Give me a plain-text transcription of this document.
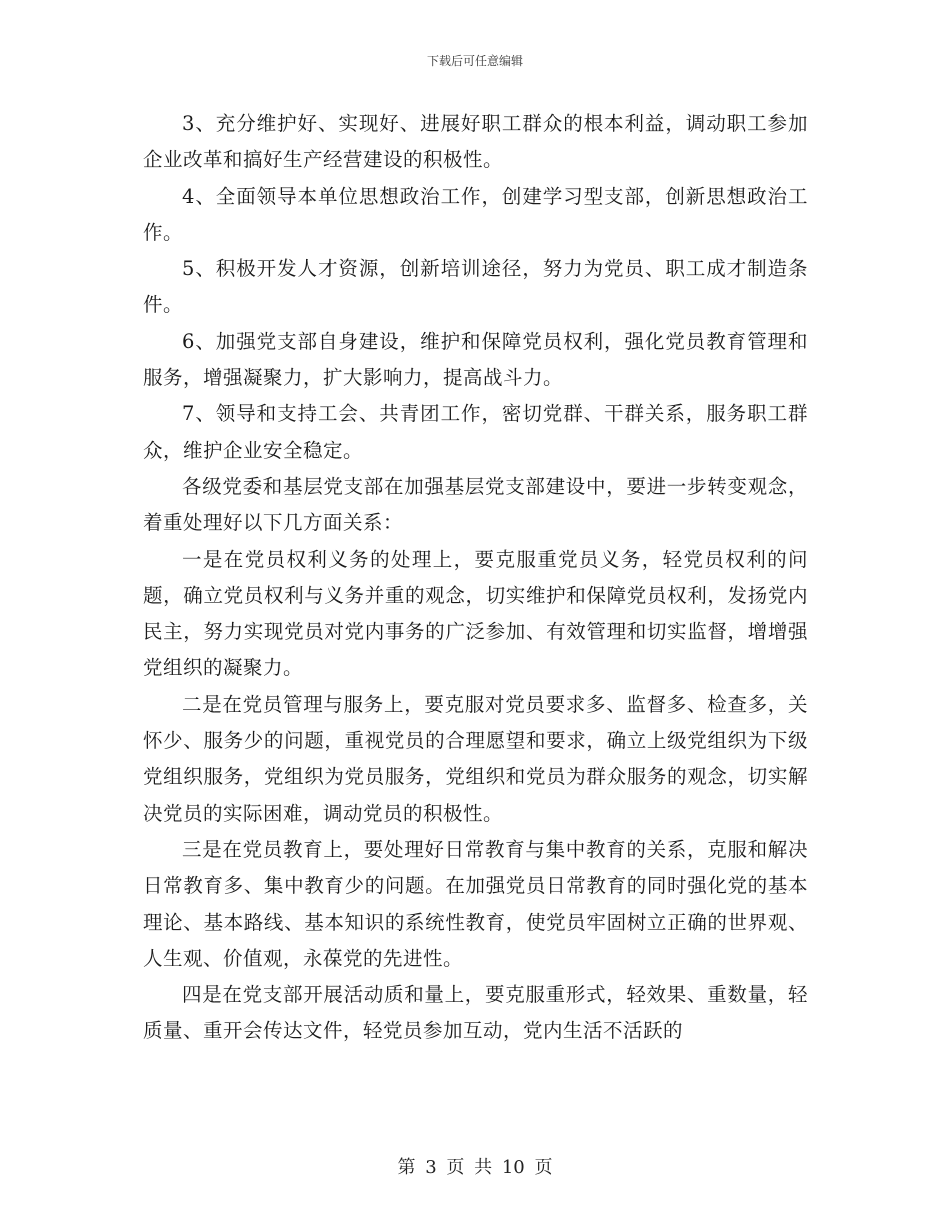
下载后可任意编辑

3、充分维护好、实现好、进展好职工群众的根本利益，调动职工参加企业改革和搞好生产经营建设的积极性。

4、全面领导本单位思想政治工作，创建学习型支部，创新思想政治工作。

5、积极开发人才资源，创新培训途径，努力为党员、职工成才制造条件。

6、加强党支部自身建设，维护和保障党员权利，强化党员教育管理和服务，增强凝聚力，扩大影响力，提高战斗力。

7、领导和支持工会、共青团工作，密切党群、干群关系，服务职工群众，维护企业安全稳定。

各级党委和基层党支部在加强基层党支部建设中，要进一步转变观念，着重处理好以下几方面关系：

一是在党员权利义务的处理上，要克服重党员义务，轻党员权利的问题，确立党员权利与义务并重的观念，切实维护和保障党员权利，发扬党内民主，努力实现党员对党内事务的广泛参加、有效管理和切实监督，增增强党组织的凝聚力。

二是在党员管理与服务上，要克服对党员要求多、监督多、检查多，关怀少、服务少的问题，重视党员的合理愿望和要求，确立上级党组织为下级党组织服务，党组织为党员服务，党组织和党员为群众服务的观念，切实解决党员的实际困难，调动党员的积极性。

三是在党员教育上，要处理好日常教育与集中教育的关系，克服和解决日常教育多、集中教育少的问题。在加强党员日常教育的同时强化党的基本理论、基本路线、基本知识的系统性教育，使党员牢固树立正确的世界观、人生观、价值观，永葆党的先进性。

四是在党支部开展活动质和量上，要克服重形式，轻效果、重数量，轻质量、重开会传达文件，轻党员参加互动，党内生活不活跃的

第 3 页 共 10 页
